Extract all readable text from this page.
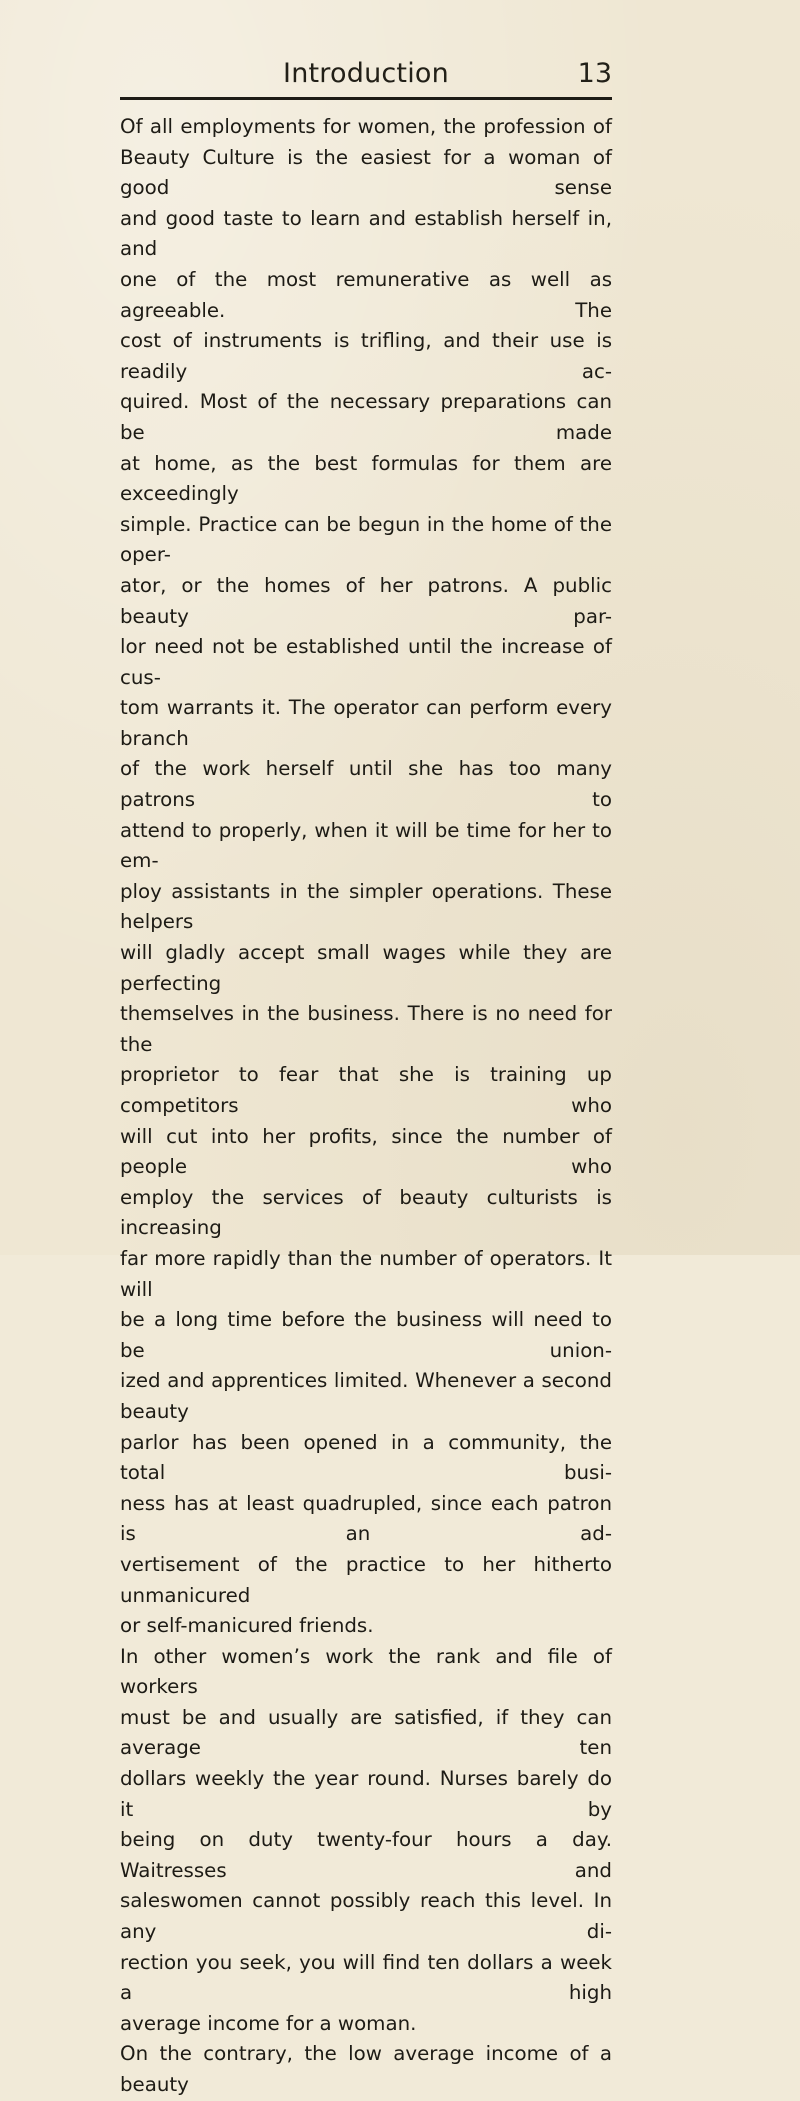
Introduction	13

Of all employments for women, the profession of

Beauty Culture is the easiest for a woman of good sense

and good taste to learn and establish herself in, and

one of the most remunerative as well as agreeable. The

cost of instruments is trifling, and their use is readily ac-

quired. Most of the necessary preparations can be made

at home, as the best formulas for them are exceedingly

simple. Practice can be begun in the home of the oper-

ator, or the homes of her patrons. A public beauty par-

lor need not be established until the increase of cus-

tom warrants it. The operator can perform every branch

of the work herself until she has too many patrons to

attend to properly, when it will be time for her to em-

ploy assistants in the simpler operations. These helpers

will gladly accept small wages while they are perfecting

themselves in the business. There is no need for the

proprietor to fear that she is training up competitors who

will cut into her profits, since the number of people who

employ the services of beauty culturists is increasing

far more rapidly than the number of operators. It will

be a long time before the business will need to be union-

ized and apprentices limited. Whenever a second beauty

parlor has been opened in a community, the total busi-

ness has at least quadrupled, since each patron is an ad-

vertisement of the practice to her hitherto unmanicured

or self-manicured friends.

In other women’s work the rank and file of workers

must be and usually are satisfied, if they can average ten

dollars weekly the year round. Nurses barely do it by

being on duty twenty-four hours a day. Waitresses and

saleswomen cannot possibly reach this level. In any di-

rection you seek, you will find ten dollars a week a high

average income for a woman.

On the contrary, the low average income of a beauty
